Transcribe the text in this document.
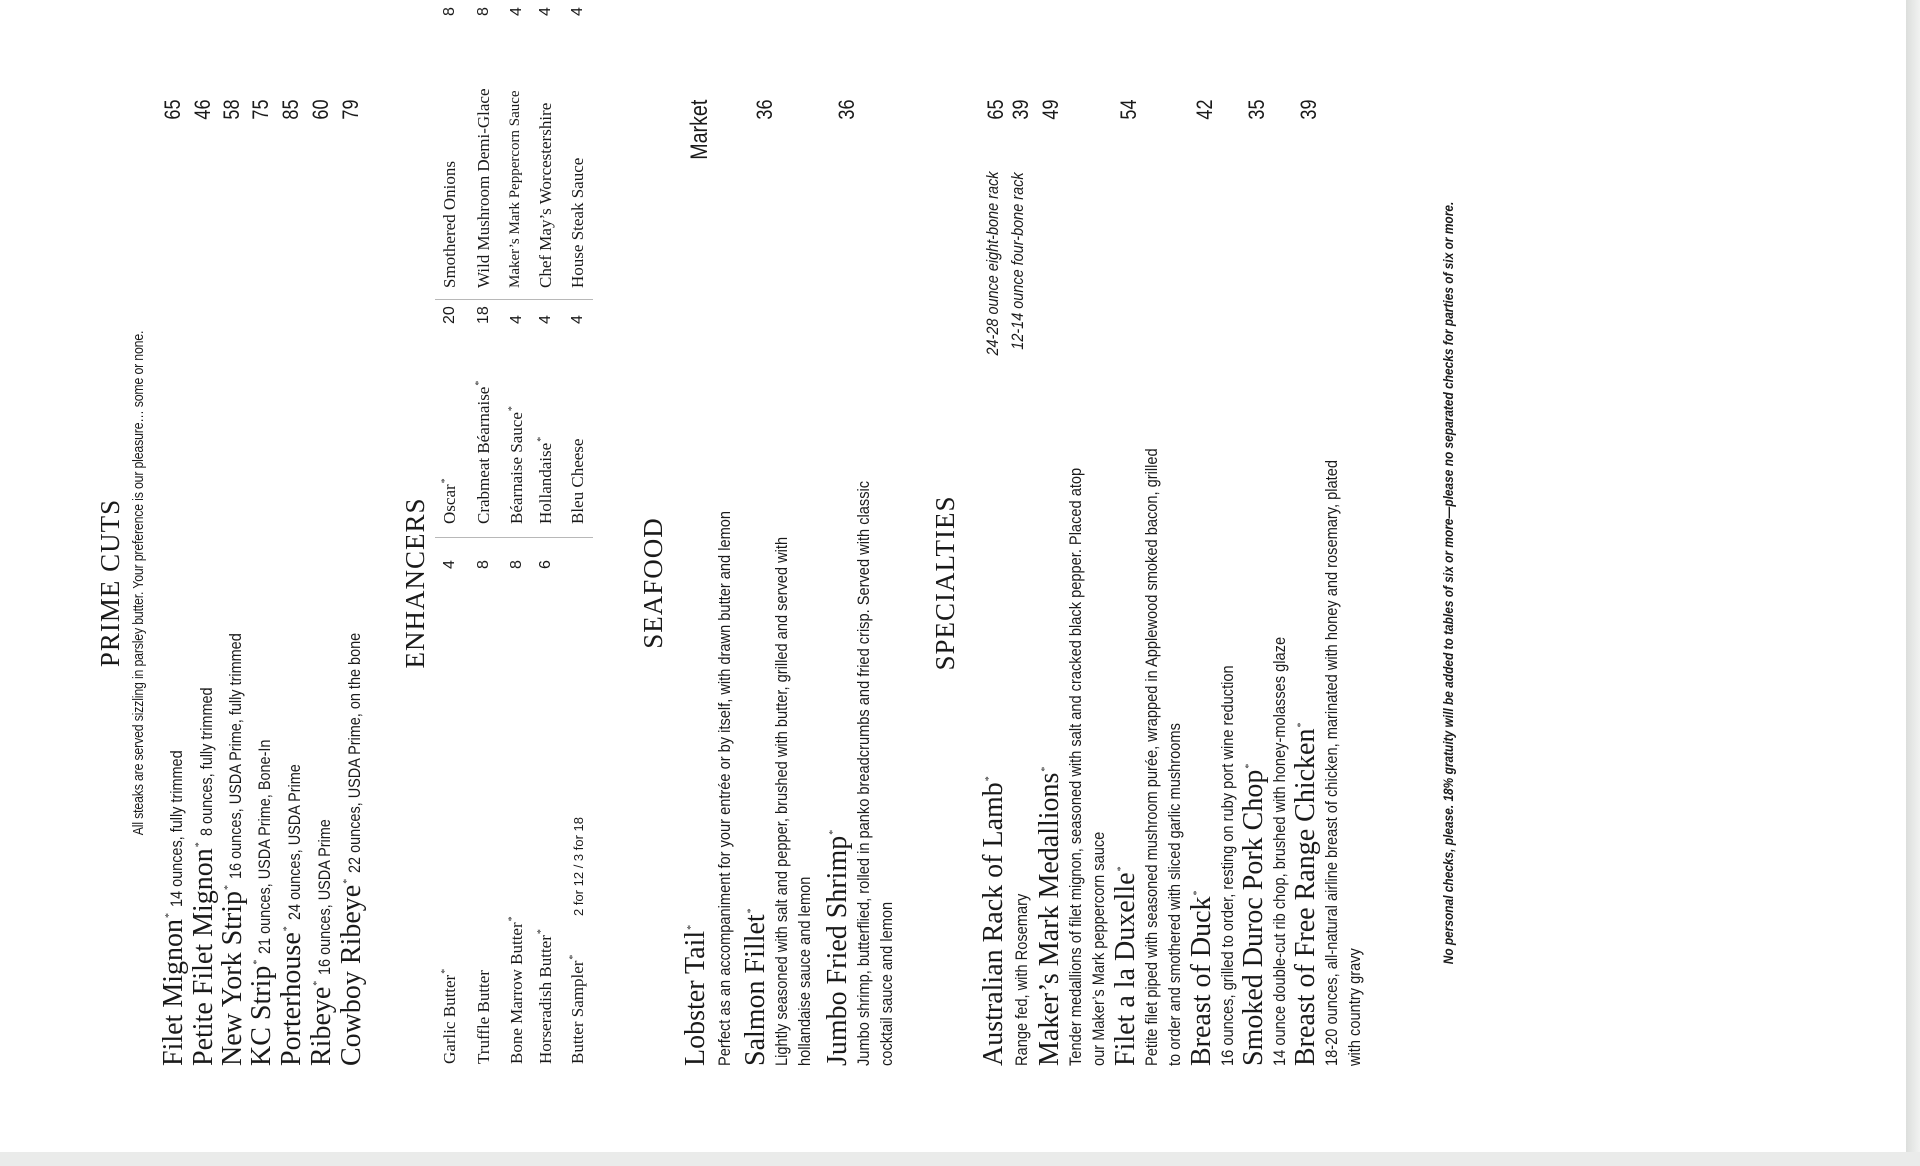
PRIME CUTS All steaks are served sizzling in parsley butter. Your preference is our pleasure… some or none.
Filet Mignon*14 ounces, fully trimmed
65
Petite Filet Mignon*8 ounces, fully trimmed
46
New York Strip*16 ounces, USDA Prime, fully trimmed
58
KC Strip*21 ounces, USDA Prime, Bone-In
75
Porterhouse*24 ounces, USDA Prime
85
Ribeye*16 ounces, USDA Prime
60
Cowboy Ribeye*22 ounces, USDA Prime, on the bone
79
ENHANCERS
Garlic Butter*
4
Truffle Butter
8
Bone Marrow Butter*
8
Horseradish Butter*
6
Butter Sampler*
2 for 12 / 3 for 18
Oscar*
20
Crabmeat Béarnaise*
18
Béarnaise Sauce*
4
Hollandaise*
4
Bleu Cheese
4
Smothered Onions
8
Wild Mushroom Demi-Glace
8
Maker’s Mark Peppercorn Sauce
4
Chef May’s Worcestershire
4
House Steak Sauce
4
SEAFOOD
Lobster Tail*
Market
Perfect as an accompaniment for your entrée or by itself, with drawn butter and lemon Salmon Fillet*
36
Lightly seasoned with salt and pepper, brushed with butter, grilled and served with hollandaise sauce and lemon Jumbo Fried Shrimp*
36
Jumbo shrimp, butterflied, rolled in panko breadcrumbs and fried crisp. Served with classic cocktail sauce and lemon
SPECIALTIES
Australian Rack of Lamb*
Range fed, with Rosemary
24-28 ounce eight-bone rack
65
12-14 ounce four-bone rack
39
Maker’s Mark Medallions*
49
Tender medallions of filet mignon, seasoned with salt and cracked black pepper. Placed atop our Maker’s Mark peppercorn sauce Filet a la Duxelle*
54
Petite filet piped with seasoned mushroom purée, wrapped in Applewood smoked bacon, grilled to order and smothered with sliced garlic mushrooms Breast of Duck*
42
16 ounces, grilled to order, resting on ruby port wine reduction Smoked Duroc Pork Chop*
35
14 ounce double-cut rib chop, brushed with honey-molasses glaze Breast of Free Range Chicken*
39
18-20 ounces, all-natural airline breast of chicken, marinated with honey and rosemary, plated with country gravy
No personal checks, please. 18% gratuity will be added to tables of six or more—please no separated checks for parties of six or more.
